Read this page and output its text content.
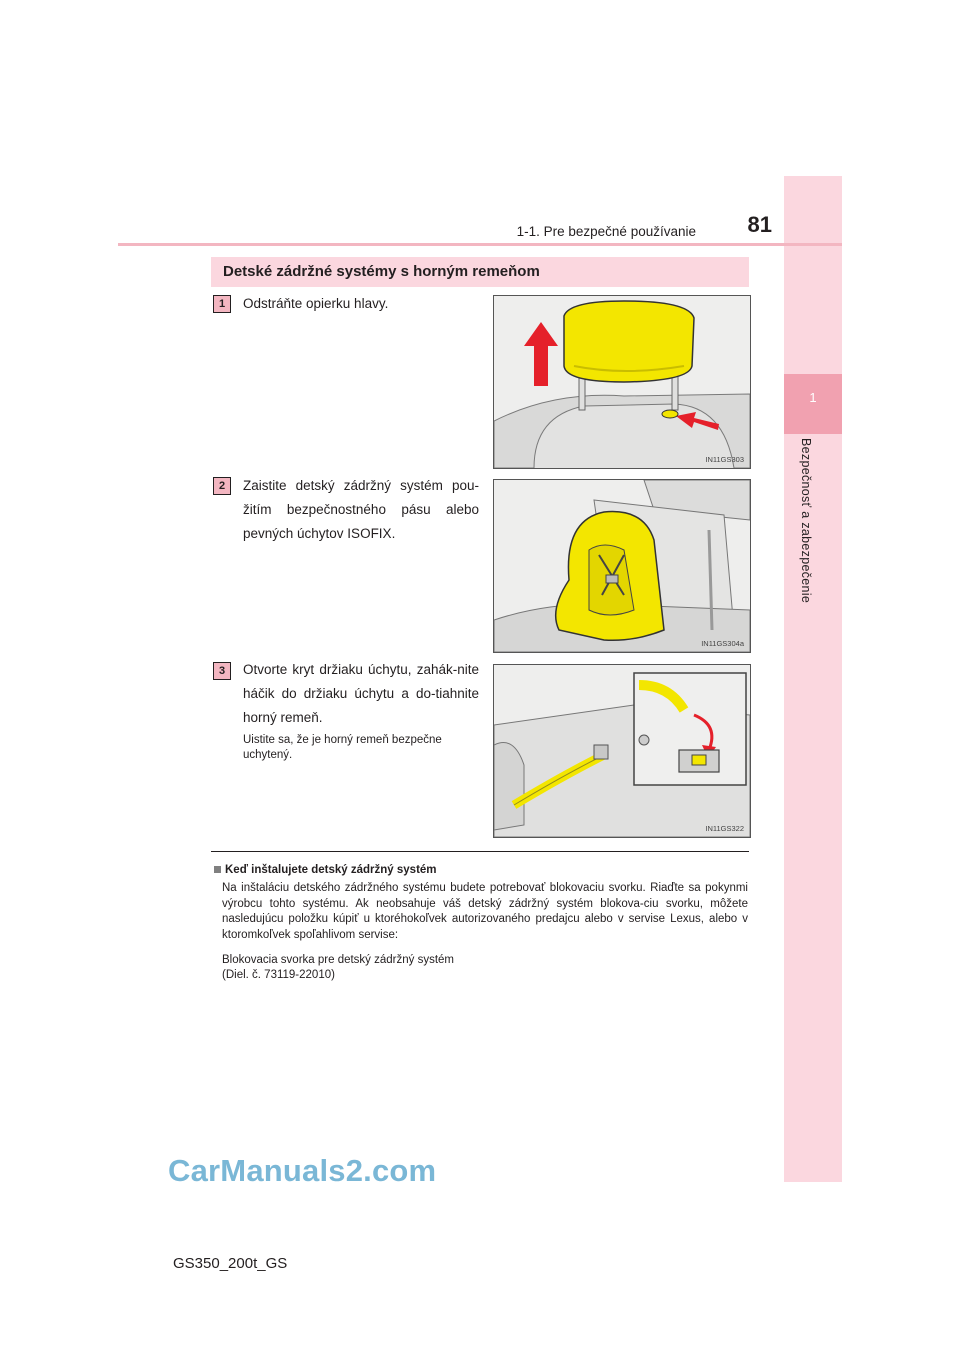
1
Bezpečnosť a zabezpečenie
1-1. Pre bezpečné používanie 81
Detské zádržné systémy s horným remeňom
1	Odstráňte opierku hlavy.
IN11GS303
2	Zaistite detský zádržný systém pou-žitím bezpečnostného pásu alebo pevných úchytov ISOFIX.
IN11GS304a
3	Otvorte kryt držiaku úchytu, zahák-nite háčik do držiaku úchytu a do-tiahnite horný remeň.
Uistite sa, že je horný remeň bezpečne uchytený.
IN11GS322
Keď inštalujete detský zádržný systém
Na inštaláciu detského zádržného systému budete potrebovať blokovaciu svorku. Riaďte sa pokynmi výrobcu tohto systému. Ak neobsahuje váš detský zádržný systém blokova-ciu svorku, môžete nasledujúcu položku kúpiť u ktoréhokoľvek autorizovaného predajcu alebo v servise Lexus, alebo v ktoromkoľvek spoľahlivom servise:
Blokovacia svorka pre detský zádržný systém
(Diel. č. 73119-22010)
CarManuals2.com
GS350_200t_GS
